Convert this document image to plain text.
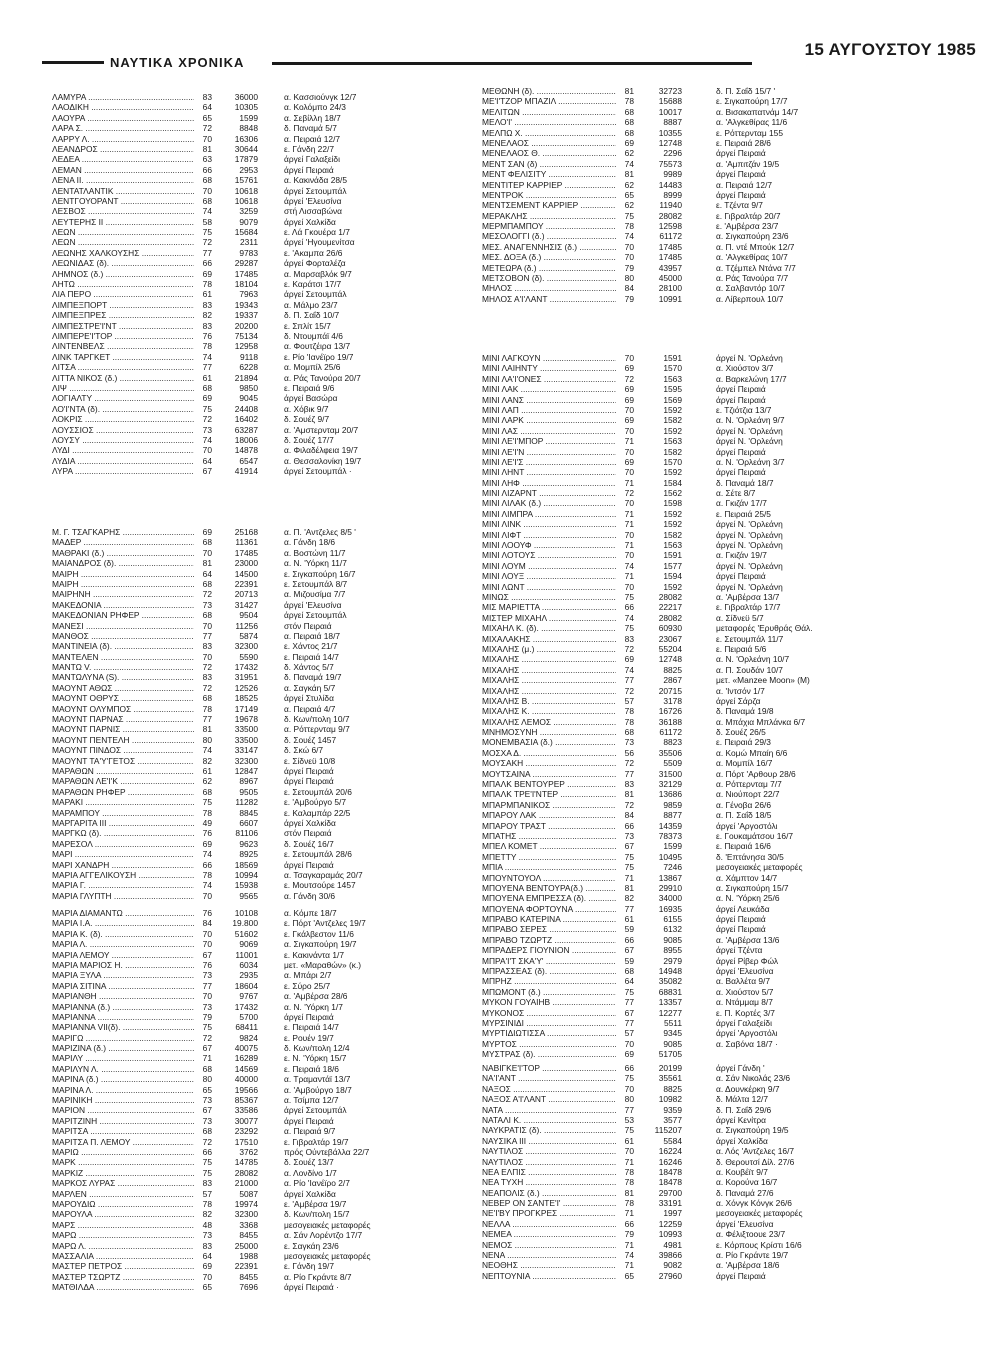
ΝΑΥΤΙΚΑ ΧΡΟΝΙΚΑ
15 ΑΥΓΟΥΣΤΟΥ 1985
ΛΑΜΥΡΑ .....	83	36000	α. Κασσιούνγκ 12/7
ΛΑΟΔΙΚΗ .....	64	10305	α. Κολόμπο 24/3
ΛΑΟΥΡΑ .....	65	1599	α. Σεβίλλη 18/7
ΛΑΡΑ Σ. .....	72	8848	δ. Παναμά 5/7
ΛΑΡΡΥ Λ. .....	70	16306	α. Πειραιά 12/7
ΛΕΑΝΔΡΟΣ .....	81	30644	ε. Γάνδη 22/7
ΛΕΔΕΑ .....	63	17879	άργεί Γαλαξείδι
ΛΕΜΑΝ .....	66	2953	άργεί Πειραιά
ΛΕΝΑ ΙΙ. .....	68	15761	α. Κακινάδα 28/5
ΛΕΝΤΑΤΛΑΝΤΙΚ .....	70	10618	άργεί Σετουμπάλ
ΛΕΝΤΓΟΥΟΡΑΝΤ .....	68	10618	άργεί 'Ελευσίνα
ΛΕΣΒΟΣ .....	74	3259	στή Λισσαβώνα
ΛΕΥΤΕΡΗΣ ΙΙ .....	58	9079	άργεί Χαλκίδα
ΛΕΩΝ .....	75	15684	ε. Λά Γκουέρα 1/7
ΛΕΩΝ .....	72	2311	άργεί 'Ηγουμενίτσα
ΛΕΩΝΗΣ ΧΑΛΚΟΥΣΗΣ .....	77	9783	ε. 'Ακαμπα 26/6
ΛΕΩΝΙΔΑΣ (δ). .....	66	29287	άργεί Φορταλέζα
ΛΗΜΝΟΣ (δ.) .....	69	17485	α. Μαρσαβλόκ 9/7
ΛΗΤΩ .....	78	18104	ε. Καράτσι 17/7
ΛΙΑ ΠΕΡΟ .....	61	7963	άργεί Σετουμπάλ
ΛΙΜΠΕΞΠΟΡΤ .....	83	19343	α. Μάλμο 23/7
ΛΙΜΠΕΞΠΡΕΣ .....	82	19337	δ. Π. Σαΐδ 10/7
ΛΙΜΠΕΣΤΡΕ'Ι'ΝΤ .....	83	20200	ε. Σπλίτ 15/7
ΛΙΜΠΕΡΕ'Ι'ΤΟΡ .....	76	75134	δ. Ντουμπάϊ 4/6
ΛΙΝΤΕΝΒΕΛΣ .....	78	12958	α. Φουτζέιρα 13/7
ΛΙΝΚ ΤΑΡΓΚΕΤ .....	74	9118	ε. Ρίο 'Ιανέϊρο 19/7
ΛΙΤΣΑ .....	77	6228	α. Μομπίλ 25/6
ΛΙΤΤΑ ΝΙΚΟΣ (δ.) .....	61	21894	α. Ράς Τανούρα 20/7
ΛΙΨ .....	68	9850	ε. Πειραιά 9/6
ΛΟΓΙΑΛΤΥ .....	69	9045	άργεί Βασώρα
ΛΟ'Ι'ΝΤΑ (δ). .....	75	24408	α. Χόβικ 9/7
ΛΟΚΡΙΣ .....	72	16402	δ. Σουέζ 9/7
ΛΟΥΣΣΙΟΣ .....	73	63287	α. 'Αμστερνταμ 20/7
ΛΟΥΣΥ .....	74	18006	δ. Σουέζ 17/7
ΛΥΔΙ .....	70	14878	α. Φιλαδέλφεια 19/7
ΛΥΔΙΑ .....	64	6547	α. Θεσσαλονίκη 19/7
ΛΥΡΑ .....	67	41914	άργεί Σετουμπάλ ·
Μ. Γ. ΤΣΑΓΚΑΡΗΣ .....	69	25168	α. Π. 'Αντζελες 8/5 '
ΜΑΔΕΡ .....	68	11361	α. Γάνδη 18/6
ΜΑΘΡΑΚΙ (δ.) .....	70	17485	α. Βοστώνη 11/7
ΜΑΙΑΝΔΡΟΣ (δ). .....	81	23000	α. Ν. 'Υόρκη 11/7
ΜΑΙΡΗ .....	64	14500	ε. Σιγκαπούρη 16/7
ΜΑΙΡΗ .....	68	22391	ε. Σετουμπάλ 8/7
ΜΑΙΡΗΝΗ .....	72	20713	α. Μιζουσίμα 7/7
ΜΑΚΕΔΟΝΙΑ .....	73	31427	άργεί 'Ελευσίνα
ΜΑΚΕΔΟΝΙΑΝ ΡΗΦΕΡ .....	68	9504	άργεί Σετουμπάλ
ΜΑΝΕΣΙ .....	70	11256	στόν Πειραιά
ΜΑΝΘΟΣ .....	77	5874	α. Πειραιά 18/7
ΜΑΝΤΙΝΕΙΑ (δ). .....	83	32300	ε. Χάντος 21/7
ΜΑΝΤΕΛΕΝ .....	70	5590	ε. Πειραιά 14/7
ΜΑΝΤΩ V. .....	72	17432	δ. Χάντος 5/7
ΜΑΝΤΩΛΥΝΑ (S). .....	83	31951	δ. Παναμά 19/7
ΜΑΟΥΝΤ ΑΘΩΣ .....	72	12526	α. Σαγκάη 5/7
ΜΑΟΥΝΤ ΟΘΡΥΣ .....	68	18525	άργεί Στυλίδα
ΜΑΟΥΝΤ ΟΛΥΜΠΟΣ .....	78	17149	α. Πειραιά 4/7
ΜΑΟΥΝΤ ΠΑΡΝΑΣ .....	77	19678	δ. Κων/πολη 10/7
ΜΑΟΥΝΤ ΠΑΡΝΙΣ .....	81	33500	α. Ρόττερνταμ 9/7
ΜΑΟΥΝΤ ΠΕΝΤΕΛΗ .....	80	33500	δ. Σουέζ 1457
ΜΑΟΥΝΤ ΠΙΝΔΟΣ .....	74	33147	δ. Σκώ 6/7
ΜΑΟΥΝΤ ΤΑ'Υ'ΓΕΤΟΣ .....	82	32300	ε. Σίδνεϋ 10/8
ΜΑΡΑΘΩΝ .....	61	12847	άργεί Πειραιά
ΜΑΡΑΘΩΝ ΛΕ'Ι'Κ .....	62	8967	άργεί Πειραιά
ΜΑΡΑΘΩΝ ΡΗΦΕΡ .....	68	9505	ε. Σετουμπάλ 20/6
ΜΑΡΑΚΙ .....	75	11282	ε. 'Αμβούργο 5/7
ΜΑΡΑΜΠΟΥ .....	78	8845	ε. Καλαμπάρ 22/5
ΜΑΡΓΑΡΙΤΑ ΙΙΙ .....	49	6607	άργεί Χαλκίδα
ΜΑΡΓΚΩ (δ). .....	76	81106	στόν Πειραιά
ΜΑΡΕΣΟΛ .....	69	9623	δ. Σουέζ 16/7
ΜΑΡΙ .....	74	8925	ε. Σετουμπάλ 28/6
ΜΑΡΙ ΧΑΝΔΡΗ .....	66	18569	άργεί Πειραιά
ΜΑΡΙΑ ΑΓΓΕΛΙΚΟΥΣΗ .....	78	10994	α. Τσαγκαραμάς 20/7
ΜΑΡΙΑ Γ. .....	74	15938	ε. Μουτσούρε 1457
ΜΑΡΙΑ ΓΛΥΠΤΗ .....	70	9565	α. Γάνδη 30/6
ΜΑΡΙΑ ΔΙΑΜΑΝΤΩ .....	76	10108	α. Κόμπε 18/7
ΜΑΡΙΑ Ι.Α. .....	84	19.800	ε. Πόρτ 'Αντζελες 19/7
ΜΑΡΙΑ Κ. (δ). .....	70	51602	ε. Γκάλβεστον 11/6
ΜΑΡΙΑ Λ. .....	70	9069	α. Σιγκαπούρη 19/7
ΜΑΡΙΑ ΛΕΜΟΥ .....	67	11001	ε. Κακινάντα 1/7
ΜΑΡΙΑ ΜΑΡΙΟΣ Η. .....	76	6034	μετ. «Μαραθών» (κ.)
ΜΑΡΙΑ ΞΥΛΑ .....	73	2935	α. Μπάρι 2/7
ΜΑΡΙΑ ΣΙΤΙΝΑ .....	77	18604	ε. Σύρο 25/7
ΜΑΡΙΑΝΘΗ .....	70	9767	α. 'Αμβέρσα 28/6
ΜΑΡΙΑΝΝΑ (δ.) .....	73	17432	α. Ν. 'Υόρκη 1/7
ΜΑΡΙΑΝΝΑ .....	79	5700	άργεί Πειραιά
ΜΑΡΙΑΝΝΑ VII(δ). .....	75	68411	ε. Πειραιά 14/7
ΜΑΡΙΓΩ .....	72	9824	ε. Ρουέν 19/7
ΜΑΡΙΖΙΝΑ (δ.) .....	67	40075	δ. Κων/πολη 12/4
ΜΑΡΙΛΥ .....	71	16289	ε. Ν. 'Υόρκη 15/7
ΜΑΡΙΛΥΝ Λ. .....	68	14569	ε. Πειραιά 18/6
ΜΑΡΙΝΑ (δ.) .....	80	40000	α. Τραμαντάϊ 13/7
ΜΑΡΙΝΑ Λ. .....	65	19566	α. 'Αμβούργο 18/7
ΜΑΡΙΝΙΚΗ .....	73	85367	α. Τσίμπα 12/7
ΜΑΡΙΟΝ .....	67	33586	άργεί Σετουμπάλ
ΜΑΡΙΤΖΙΝΗ .....	73	30077	άργεί Πειραιά
ΜΑΡΙΤΣΑ .....	68	23292	α. Πειραιά 9/7
ΜΑΡΙΤΣΑ Π. ΛΕΜΟΥ .....	72	17510	ε. Γιβραλτάρ 19/7
ΜΑΡΙΩ .....	66	3762	πρός Ούντεβάλλα 22/7
ΜΑΡΚ .....	75	14785	δ. Σουέζ 13/7
ΜΑΡΚΙΖ .....	75	28082	α. Λονδίνο 1/7
ΜΑΡΚΟΣ ΛΥΡΑΣ .....	83	21000	α. Ρίο 'Ιανέϊρο 2/7
ΜΑΡΛΕΝ .....	57	5087	άργεί Χαλκίδα
ΜΑΡΟΥΔΙΩ .....	78	19974	ε. 'Αμβέρσα 19/7
ΜΑΡΟΥΛΑ .....	82	32300	δ. Κων/πολη 15/7
ΜΑΡΣ .....	48	3368	μεσογειακές μεταφορές
ΜΑΡΩ .....	73	8455	α. Σάν Λορέντζο 17/7
ΜΑΡΩ Λ. .....	83	25000	ε. Σαγκάη 23/6
ΜΑΣΣΑΛΙΑ .....	64	1988	μεσογειακές μεταφορές
ΜΑΣΤΕΡ ΠΕΤΡΟΣ .....	69	22391	ε. Γάνδη 19/7
ΜΑΣΤΕΡ ΤΣΩΡΤΖ .....	70	8455	α. Ρίο Γκράντε 8/7
ΜΑΤΘΙΛΔΑ .....	65	7696	άργεί Πειραιά ·
ΜΕΘΩΝΗ (δ). .....	81	32723	δ. Π. Σαΐδ 15/7 '
ΜΕ'Ι'ΤΖΟΡ ΜΠΑΖΙΛ .....	78	15688	ε. Σιγκαπούρη 17/7
ΜΕΛΙΤΩΝ .....	68	10017	α. Βισακαπατνάμ 14/7
ΜΕΛΟ'Ι' .....	68	8887	α. 'Αλγκεθίρας 11/6
ΜΕΛΠΩ Χ. .....	68	10355	ε. Ρόττερνταμ 155
ΜΕΝΕΛΑΟΣ .....	69	12748	ε. Πειραιά 28/6
ΜΕΝΕΛΑΟΣ Θ. .....	62	2296	άργεί Πειραιά
ΜΕΝΤ ΣΑΝ (δ) .....	74	75573	α. 'Αμπιτζάν 19/5
ΜΕΝΤ ΦΕΛΙΣΙΤΥ .....	81	9989	άργεί Πειραιά
ΜΕΝΤΙΤΕΡ ΚΑΡΡΙΕΡ .....	62	14483	α. Πειραιά 12/7
ΜΕΝΤΡΟΚ .....	65	8999	άργεί Πειραιά
ΜΕΝΤΣΕΜΕΝΤ ΚΑΡΡΙΕΡ .....	62	11940	ε. Τζέντα 9/7
ΜΕΡΑΚΛΗΣ .....	75	28082	ε. Γιβραλτάρ 20/7
ΜΕΡΜΠΑΜΠΟΥ .....	78	12598	ε. 'Αμβέρσα 23/7
ΜΕΣΟΛΟΓΓΙ (δ.) .....	74	61172	α. Σιγκαπούρη 23/6
ΜΕΣ. ΑΝΑΓΕΝΝΗΣΙΣ (δ.) .....	70	17485	α. Π. ντέ Μπούκ 12/7
ΜΕΣ. ΔΟΞΑ (δ.) .....	70	17485	α. 'Αλγκεθίρας 10/7
ΜΕΤΕΩΡΑ (δ.) .....	79	43957	α. Τζέμπελ Ντάνα 7/7
ΜΕΤΣΟΒΟΝ (δ). .....	80	45000	α. Ράς Τανούρα 7/7
ΜΗΛΟΣ .....	84	28100	α. Σαλβαντόρ 10/7
ΜΗΛΟΣ Α'Ι'ΛΑΝΤ .....	79	10991	α. Λίβερπουλ 10/7
ΜΙΝΙ ΛΑΓΚΟΥΝ .....	70	1591	άργεί Ν. 'Ορλεάνη
ΜΙΝΙ ΛΑΙΗΝΤΥ .....	69	1570	α. Χιούστον 3/7
ΜΙΝΙ ΛΑ'Ι'ΟΝΕΣ .....	72	1563	α. Βαρκελώνη 17/7
ΜΙΝΙ ΛΑΚ .....	69	1595	άργεί Πειραιά
ΜΙΝΙ ΛΑΝΣ .....	69	1569	άργεί Πειραιά
ΜΙΝΙ ΛΑΠ .....	70	1592	ε. Τζιότζια 13/7
ΜΙΝΙ ΛΑΡΚ .....	69	1582	α. Ν. 'Ορλεάνη 9/7
ΜΙΝΙ ΛΑΣ .....	70	1592	άργεί Ν. 'Ορλεάνη
ΜΙΝΙ ΛΕ'Ι'ΜΠΟΡ .....	71	1563	άργεί Ν. 'Ορλεάνη
ΜΙΝΙ ΛΕ'Ι'Ν .....	70	1582	άργεί Πειραιά
ΜΙΝΙ ΛΕ'Ι'Σ .....	69	1570	α. Ν. 'Ορλεάνη 3/7
ΜΙΝΙ ΛΗΝΤ .....	70	1592	άργεί Πειραιά
ΜΙΝΙ ΛΗΦ .....	71	1584	δ. Παναμά 18/7
ΜΙΝΙ ΛΙΖΑΡΝΤ .....	72	1562	α. Σέτε 8/7
ΜΙΝΙ ΛΙΛΑΚ (δ.) .....	70	1598	α. Γκιζάν 17/7
ΜΙΝΙ ΛΙΜΠΡΑ .....	71	1592	ε. Πειραιά 25/5
ΜΙΝΙ ΛΙΝΚ .....	71	1592	άργεί Ν. 'Ορλεάνη
ΜΙΝΙ ΛΙΦΤ .....	70	1582	άργεί Ν. 'Ορλεάνη
ΜΙΝΙ ΛΟΟΥΦ .....	71	1563	άργεί Ν. 'Ορλεάνη
ΜΙΝΙ ΛΟΤΟΥΣ .....	70	1591	α. Γκιζάν 19/7
ΜΙΝΙ ΛΟΥΜ .....	74	1577	άργεί Ν. 'Ορλεάνη
ΜΙΝΙ ΛΟΥΞ .....	71	1594	άργεί Πειραιά
ΜΙΝΙ ΛΩΝΤ .....	70	1592	άργεί Ν. 'Ορλεάνη
ΜΙΝΩΣ .....	75	28082	α. 'Αμβέρσα 13/7
ΜΙΣ ΜΑΡΙΕΤΤΑ .....	66	22217	ε. Γιβραλτάρ 17/7
ΜΙΣΤΕΡ ΜΙΧΑΗΛ .....	74	28082	α. Σίδνεϋ 5/7
ΜΙΧΑΗΛ Κ. (δ). .....	75	60930	μεταφορές 'Ερυθράς Θάλ.
ΜΙΧΑΛΑΚΗΣ .....	83	23067	ε. Σετουμπάλ 11/7
ΜΙΧΑΛΗΣ (μ.) .....	72	55204	ε. Πειραιά 5/6
ΜΙΧΑΛΗΣ .....	69	12748	α. Ν. 'Ορλεάνη 10/7
ΜΙΧΑΛΗΣ .....	74	8825	α. Π. Σουδάν 10/7
ΜΙΧΑΛΗΣ .....	77	2867	μετ. «Manzee Moon» (Μ)
ΜΙΧΑΛΗΣ .....	72	20715	α. 'Ιντσόν 1/7
ΜΙΧΑΛΗΣ Β. .....	57	3178	άργεί Σάρζα
ΜΙΧΑΛΗΣ Κ. .....	78	16726	δ. Παναμά 19/8
ΜΙΧΑΛΗΣ ΛΕΜΟΣ .....	78	36188	α. Μπάχια Μπλάνκα 6/7
ΜΝΗΜΟΣΥΝΗ .....	68	61172	δ. Σουέζ 26/5
ΜΟΝΕΜΒΑΣΙΑ (δ.) .....	73	8823	ε. Πειραιά 29/3
ΜΟΣΧΑ Δ. .....	56	35506	α. Κομώ Μπαίη 6/6
ΜΟΥΣΑΚΗ .....	72	5509	α. Μομπίλ 16/7
ΜΟΥΤΣΑΙΝΑ .....	77	31500	α. Πόρτ 'Αρθουρ 28/6
ΜΠΑΛΚ ΒΕΝΤΟΥΡΕΡ .....	83	32129	α. Ρόττερνταμ 7/7
ΜΠΑΛΚ ΤΡΕ'Ι'ΝΤΕΡ .....	81	13686	α. Νιούπορτ 22/7
ΜΠΑΡΜΠΑΝΙΚΟΣ .....	72	9859	α. Γένοβα 26/6
ΜΠΑΡΟΥ ΛΑΚ .....	84	8877	α. Π. Σαΐδ 18/5
ΜΠΑΡΟΥ ΤΡΑΣΤ .....	66	14359	άργεί 'Αργοστόλι
ΜΠΑΤΗΣ .....	73	78373	ε. Γουκαμάτσου 16/7
ΜΠΕΛ ΚΟΜΕΤ .....	67	1599	ε. Πειραιά 16/6
ΜΠΕΤΤΥ .....	75	10495	δ. 'Επτάνησα 30/5
ΜΠΙΑ .....	75	7246	μεσογειακές μεταφορές
ΜΠΟΥΝΤΟΥΟΛ .....	71	13867	α. Χάμπτον 14/7
ΜΠΟΥΕΝΑ ΒΕΝΤΟΥΡΑ(δ.) .....	81	29910	α. Σιγκαπούρη 15/7
ΜΠΟΥΕΝΑ ΕΜΠΡΕΣΣΑ (δ). .....	82	34000	α. Ν. 'Υόρκη 25/6
ΜΠΟΥΕΝΑ ΦΟΡΤΟΥΝΑ .....	77	16935	άργεί Λευκάδα
ΜΠΡΑΒΟ ΚΑΤΕΡΙΝΑ .....	61	6155	άργεί Πειραιά
ΜΠΡΑΒΟ ΣΕΡΕΣ .....	59	6132	άργεί Πειραιά
ΜΠΡΑΒΟ ΤΖΩΡΤΖ .....	66	9085	α. 'Αμβέρσα 13/6
ΜΠΡΑΔΕΡΣ ΓΙΟΥΝΙΟΝ .....	67	8955	άργεί Τζέντα
ΜΠΡΑ'Ι'Τ ΣΚΑ'Υ' .....	59	2979	άργεί Ρίβερ Φώλ
ΜΠΡΑΣΣΕΑΣ (δ). .....	68	14948	άργεί 'Ελευσίνα
ΜΠΡΗΖ .....	64	35082	α. Βαλλέτα 9/7
ΜΠΩΜΟΝΤ (δ.) .....	75	68831	α. Χιούστον 5/7
ΜΥΚΟΝ ΓΟΥΑΙΗΒ .....	77	13357	α. Ντάμμαμ 8/7
ΜΥΚΟΝΟΣ .....	67	12277	ε. Π. Κορτές 3/7
ΜΥΡΣΙΝΙΔΙ .....	77	5511	άργεί Γαλαξείδι
ΜΥΡΤΙΔΙΩΤΙΣΣΑ .....	57	9345	άργεί 'Αργοστόλι
ΜΥΡΤΟΣ .....	70	9085	α. Σαβόνα 18/7 ·
ΜΥΣΤΡΑΣ (δ). .....	69	51705
ΝΑΒΙΓΚΕ'Ι'ΤΟΡ .....	66	20199	άργεί Γάνδη '
ΝΑ'Ι'ΑΝΤ .....	75	35561	α. Σάν Νικολάς 23/6
ΝΑΞΟΣ .....	70	8825	α. Δουνκέρκη 9/7
ΝΑΞΟΣ Α'Ι'ΛΑΝΤ .....	80	10982	δ. Μάλτα 12/7
ΝΑΤΑ .....	77	9359	δ. Π. Σαΐδ 29/6
ΝΑΤΑΛΙ Κ. .....	53	3577	άργεί Κενίτρα
ΝΑΥΚΡΑΤΙΣ (δ). .....	75	115207	α. Σιγκαπούρη 19/5
ΝΑΥΣΙΚΑ ΙΙΙ .....	61	5584	άργεί Χαλκίδα
ΝΑΥΤΙΛΟΣ .....	70	16224	α. Λός 'Αντζελες 16/7
ΝΑΥΤΙΛΟΣ .....	71	16246	δ. Θερουτσί Δίλ. 27/6
ΝΕΑ ΕΛΠΙΣ .....	78	18478	α. Κουβέϊτ 9/7
ΝΕΑ ΤΥΧΗ .....	78	18478	α. Κορούνα 16/7
ΝΕΑΠΟΛΙΣ (δ.) .....	81	29700	δ. Παναμά 27/6
ΝΕΒΕΡ ΟΝ ΣΑΝΤΕ'Ι' .....	78	33191	α. Χόνγκ Κόνγκ 26/6
ΝΕ'Ι'ΒΥ ΠΡΟΓΚΡΕΣ .....	71	1997	μεσογειακές μεταφορές
ΝΕΛΛΑ .....	66	12259	άργεί 'Ελευσίνα
ΝΕΜΕΑ .....	79	10993	α. Φέλιξτοουε 23/7
ΝΕΜΟΣ .....	71	4981	ε. Κόρπους Κρίστι 16/6
ΝΕΝΑ .....	74	39866	α. Ρίο Γκράντε 19/7
ΝΕΟΘΗΣ .....	71	9082	α. 'Αμβέρσα 18/6
ΝΕΠΤΟΥΝΙΑ .....	65	27960	άργεί Πειραιά
